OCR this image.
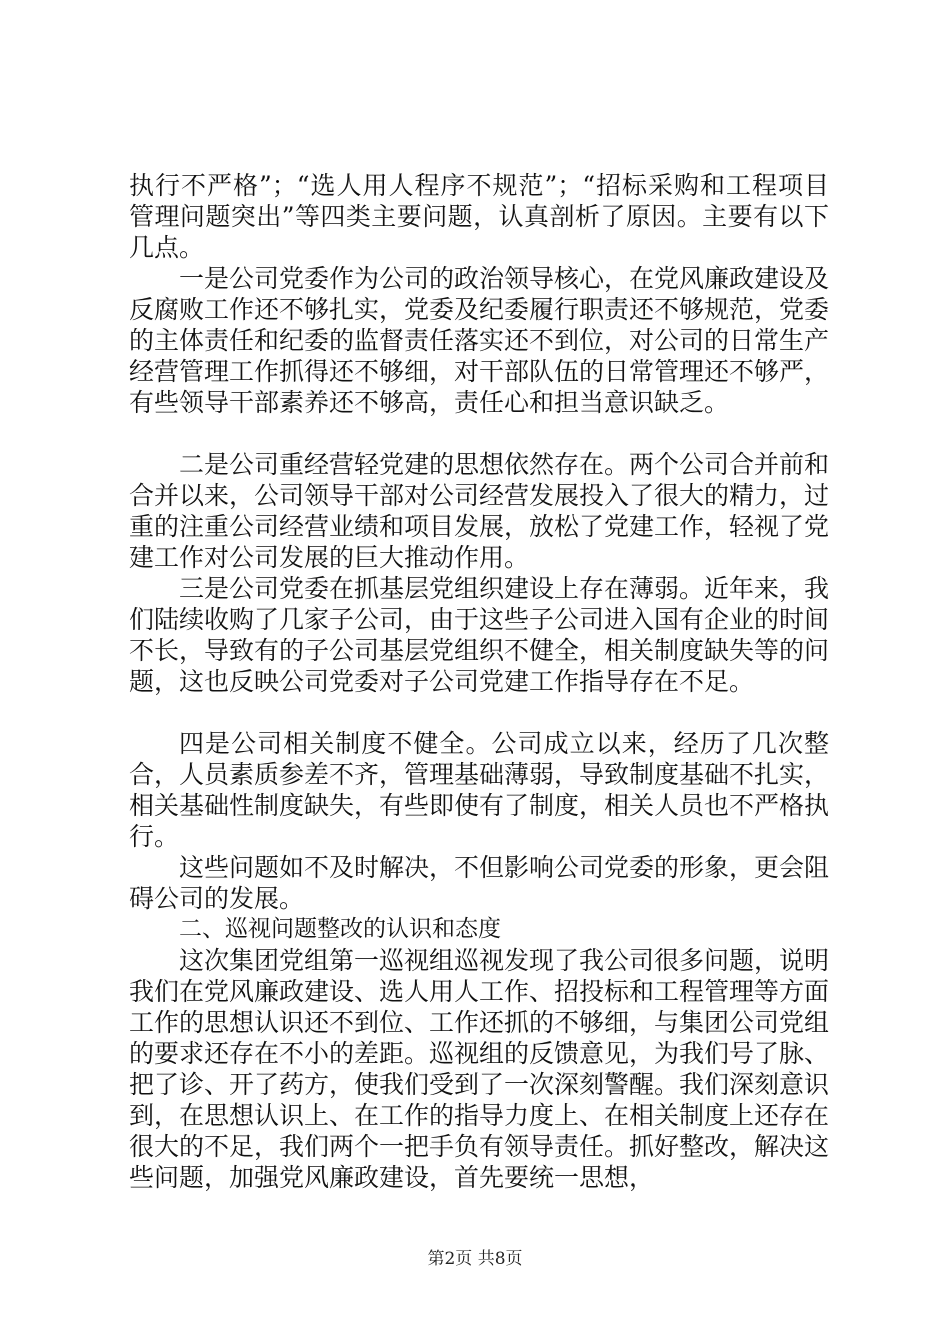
执行不严格”；“选人用人程序不规范”；“招标采购和工程项目管理问题突出”等四类主要问题，认真剖析了原因。主要有以下几点。

一是公司党委作为公司的政治领导核心，在党风廉政建设及反腐败工作还不够扎实，党委及纪委履行职责还不够规范，党委的主体责任和纪委的监督责任落实还不到位，对公司的日常生产经营管理工作抓得还不够细，对干部队伍的日常管理还不够严，有些领导干部素养还不够高，责任心和担当意识缺乏。

二是公司重经营轻党建的思想依然存在。两个公司合并前和合并以来，公司领导干部对公司经营发展投入了很大的精力，过重的注重公司经营业绩和项目发展，放松了党建工作，轻视了党建工作对公司发展的巨大推动作用。

三是公司党委在抓基层党组织建设上存在薄弱。近年来，我们陆续收购了几家子公司，由于这些子公司进入国有企业的时间不长，导致有的子公司基层党组织不健全，相关制度缺失等的问题，这也反映公司党委对子公司党建工作指导存在不足。

四是公司相关制度不健全。公司成立以来，经历了几次整合，人员素质参差不齐，管理基础薄弱，导致制度基础不扎实，相关基础性制度缺失，有些即使有了制度，相关人员也不严格执行。

这些问题如不及时解决，不但影响公司党委的形象，更会阻碍公司的发展。

二、巡视问题整改的认识和态度

这次集团党组第一巡视组巡视发现了我公司很多问题，说明我们在党风廉政建设、选人用人工作、招投标和工程管理等方面工作的思想认识还不到位、工作还抓的不够细，与集团公司党组的要求还存在不小的差距。巡视组的反馈意见，为我们号了脉、把了诊、开了药方，使我们受到了一次深刻警醒。我们深刻意识到，在思想认识上、在工作的指导力度上、在相关制度上还存在很大的不足，我们两个一把手负有领导责任。抓好整改，解决这些问题，加强党风廉政建设，首先要统一思想，

第2页 共8页
